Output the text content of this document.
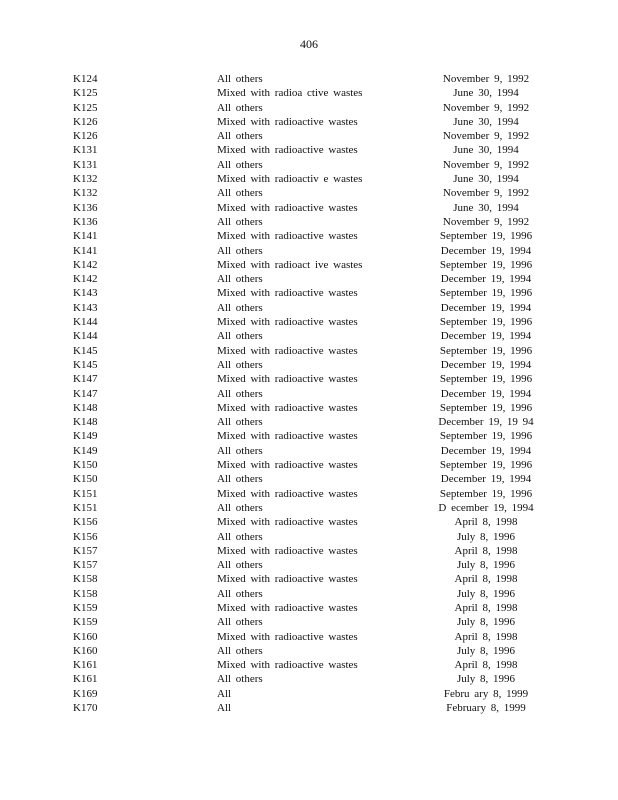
406
K124	All others	November 9, 1992
K125	Mixed with radioa ctive wastes	June 30, 1994
K125	All others	November 9, 1992
K126	Mixed with radioactive wastes	June 30, 1994
K126	All others	November 9, 1992
K131	Mixed with radioactive wastes	June 30, 1994
K131	All others	November 9, 1992
K132	Mixed with radioactiv e wastes	June 30, 1994
K132	All others	November 9, 1992
K136	Mixed with radioactive wastes	June 30, 1994
K136	All others	November 9, 1992
K141	Mixed with radioactive wastes	September 19, 1996
K141	All others	December 19, 1994
K142	Mixed with radioact ive wastes	September 19, 1996
K142	All others	December 19, 1994
K143	Mixed with radioactive wastes	September 19, 1996
K143	All others	December 19, 1994
K144	Mixed with radioactive wastes	September 19, 1996
K144	All others	December 19, 1994
K145	Mixed with radioactive wastes	September 19, 1996
K145	All others	December 19, 1994
K147	Mixed with radioactive wastes	September 19, 1996
K147	All others	December 19, 1994
K148	Mixed with radioactive wastes	September 19, 1996
K148	All others	December 19, 19 94
K149	Mixed with radioactive wastes	September 19, 1996
K149	All others	December 19, 1994
K150	Mixed with radioactive wastes	September 19, 1996
K150	All others	December 19, 1994
K151	Mixed with radioactive wastes	September 19, 1996
K151	All others	D ecember 19, 1994
K156	Mixed with radioactive wastes	April 8, 1998
K156	All others	July 8, 1996
K157	Mixed with radioactive wastes	April 8, 1998
K157	All others	July 8, 1996
K158	Mixed with radioactive wastes	April 8, 1998
K158	All others	July 8, 1996
K159	Mixed with radioactive wastes	April 8, 1998
K159	All others	July 8, 1996
K160	Mixed with radioactive wastes	April 8, 1998
K160	All others	July 8, 1996
K161	Mixed with radioactive wastes	April 8, 1998
K161	All others	July 8, 1996
K169	All	Febru ary 8, 1999
K170	All	February 8, 1999
